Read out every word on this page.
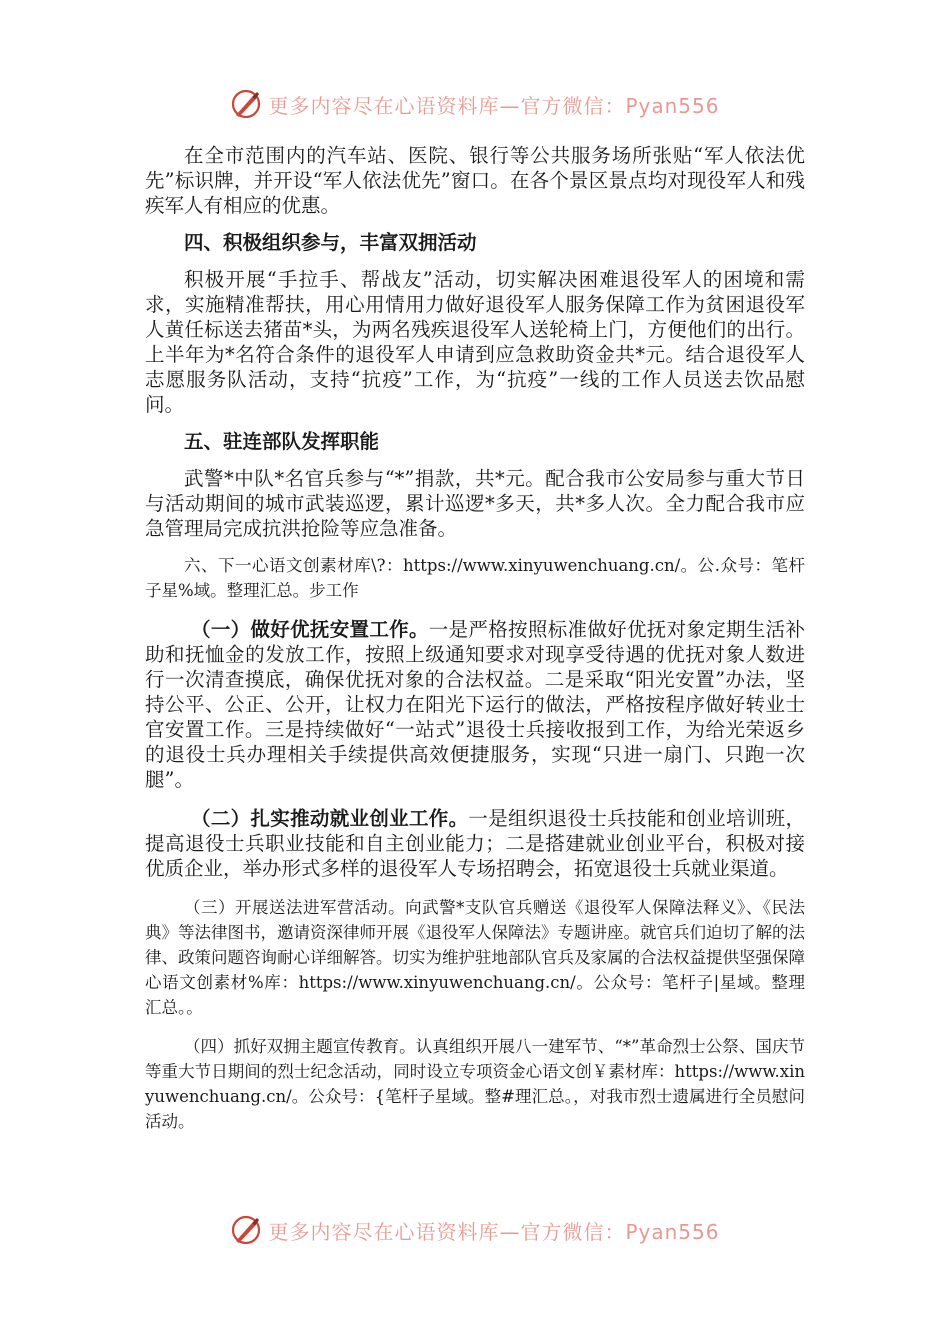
更多内容尽在心语资料库—官方微信：Pyan556

在全市范围内的汽车站、医院、银行等公共服务场所张贴“军人依法优先”标识牌，并开设“军人依法优先”窗口。在各个景区景点均对现役军人和残疾军人有相应的优惠。

四、积极组织参与，丰富双拥活动

积极开展“手拉手、帮战友”活动，切实解决困难退役军人的困境和需求，实施精准帮扶，用心用情用力做好退役军人服务保障工作为贫困退役军人黄任标送去猪苗*头，为两名残疾退役军人送轮椅上门，方便他们的出行。上半年为*名符合条件的退役军人申请到应急救助资金共*元。结合退役军人志愿服务队活动，支持“抗疫”工作，为“抗疫”一线的工作人员送去饮品慰问。

五、驻连部队发挥职能

武警*中队*名官兵参与“*”捐款，共*元。配合我市公安局参与重大节日与活动期间的城市武装巡逻，累计巡逻*多天，共*多人次。全力配合我市应急管理局完成抗洪抢险等应急准备。

六、下一心语文创素材库\?：https://www.xinyuwenchuang.cn/。公.众号：笔杆子星%域。整理汇总。步工作

（一）做好优抚安置工作。一是严格按照标准做好优抚对象定期生活补助和抚恤金的发放工作，按照上级通知要求对现享受待遇的优抚对象人数进行一次清查摸底，确保优抚对象的合法权益。二是采取“阳光安置”办法，坚持公平、公正、公开，让权力在阳光下运行的做法，严格按程序做好转业士官安置工作。三是持续做好“一站式”退役士兵接收报到工作，为给光荣返乡的退役士兵办理相关手续提供高效便捷服务，实现“只进一扇门、只跑一次腿”。

（二）扎实推动就业创业工作。一是组织退役士兵技能和创业培训班，提高退役士兵职业技能和自主创业能力；二是搭建就业创业平台，积极对接优质企业，举办形式多样的退役军人专场招聘会，拓宽退役士兵就业渠道。

（三）开展送法进军营活动。向武警*支队官兵赠送《退役军人保障法释义》、《民法典》等法律图书，邀请资深律师开展《退役军人保障法》专题讲座。就官兵们迫切了解的法律、政策问题咨询耐心详细解答。切实为维护驻地部队官兵及家属的合法权益提供坚强保障心语文创素材%库：https://www.xinyuwenchuang.cn/。公众号：笔杆子|星域。整理汇总。。

（四）抓好双拥主题宣传教育。认真组织开展八一建军节、“*”革命烈士公祭、国庆节等重大节日期间的烈士纪念活动，同时设立专项资金心语文创￥素材库：https://www.xinyuwenchuang.cn/。公众号：{笔杆子星域。整#理汇总。，对我市烈士遗属进行全员慰问活动。

更多内容尽在心语资料库—官方微信：Pyan556
